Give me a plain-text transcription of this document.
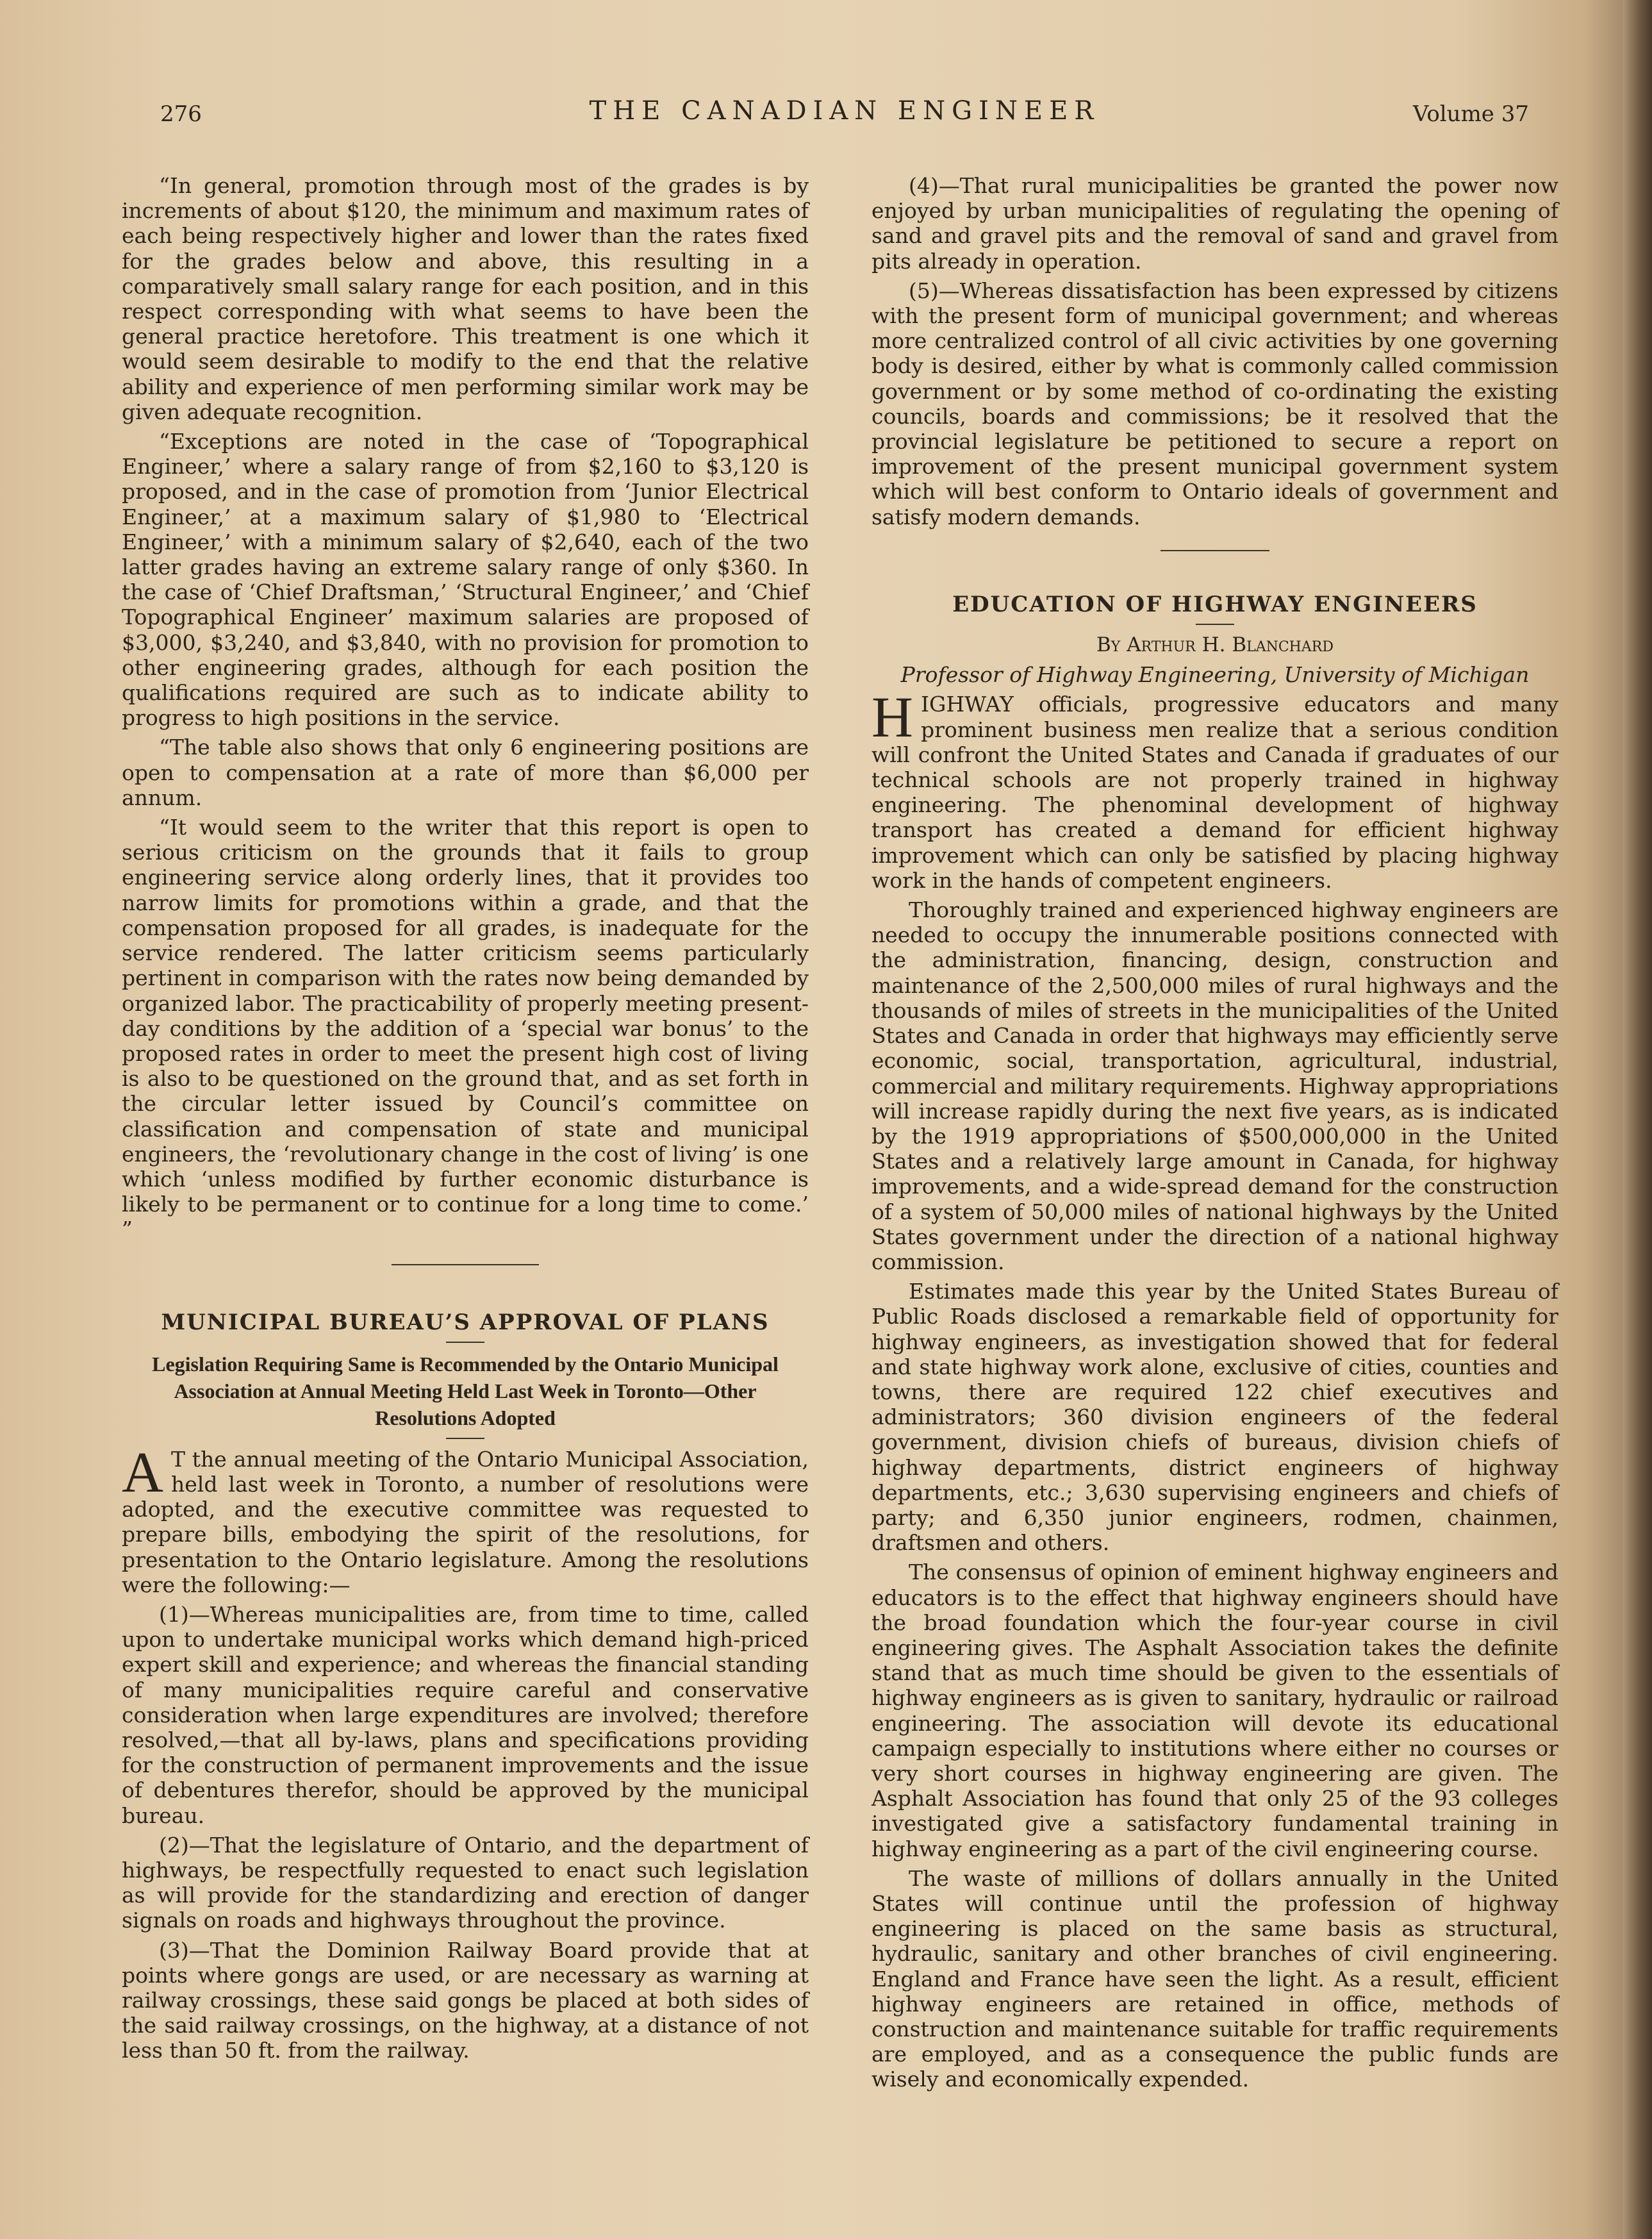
276	THE CANADIAN ENGINEER	Volume 37

“In general, promotion through most of the grades is by increments of about $120, the minimum and maximum rates of each being respectively higher and lower than the rates fixed for the grades below and above, this resulting in a comparatively small salary range for each position, and in this respect corresponding with what seems to have been the general practice heretofore. This treatment is one which it would seem desirable to modify to the end that the relative ability and experience of men performing similar work may be given adequate recognition.

“Exceptions are noted in the case of ‘Topographical Engineer,’ where a salary range of from $2,160 to $3,120 is proposed, and in the case of promotion from ‘Junior Electrical Engineer,’ at a maximum salary of $1,980 to ‘Electrical Engineer,’ with a minimum salary of $2,640, each of the two latter grades having an extreme salary range of only $360. In the case of ‘Chief Draftsman,’ ‘Structural Engineer,’ and ‘Chief Topographical Engineer’ maximum salaries are proposed of $3,000, $3,240, and $3,840, with no provision for promotion to other engineering grades, although for each position the qualifications required are such as to indicate ability to progress to high positions in the service.

“The table also shows that only 6 engineering positions are open to compensation at a rate of more than $6,000 per annum.

“It would seem to the writer that this report is open to serious criticism on the grounds that it fails to group engineering service along orderly lines, that it provides too narrow limits for promotions within a grade, and that the compensation proposed for all grades, is inadequate for the service rendered. The latter criticism seems particularly pertinent in comparison with the rates now being demanded by organized labor. The practicability of properly meeting present-day conditions by the addition of a ‘special war bonus’ to the proposed rates in order to meet the present high cost of living is also to be questioned on the ground that, and as set forth in the circular letter issued by Council’s committee on classification and compensation of state and municipal engineers, the ‘revolutionary change in the cost of living’ is one which ‘unless modified by further economic disturbance is likely to be permanent or to continue for a long time to come.’ ”

MUNICIPAL BUREAU’S APPROVAL OF PLANS

Legislation Requiring Same is Recommended by the Ontario Municipal Association at Annual Meeting Held Last Week in Toronto—Other Resolutions Adopted

A T the annual meeting of the Ontario Municipal Association, held last week in Toronto, a number of resolutions were adopted, and the executive committee was requested to prepare bills, embodying the spirit of the resolutions, for presentation to the Ontario legislature. Among the resolutions were the following:—

(1)—Whereas municipalities are, from time to time, called upon to undertake municipal works which demand high-priced expert skill and experience; and whereas the financial standing of many municipalities require careful and conservative consideration when large expenditures are involved; therefore resolved,—that all by-laws, plans and specifications providing for the construction of permanent improvements and the issue of debentures therefor, should be approved by the municipal bureau.

(2)—That the legislature of Ontario, and the department of highways, be respectfully requested to enact such legislation as will provide for the standardizing and erection of danger signals on roads and highways throughout the province.

(3)—That the Dominion Railway Board provide that at points where gongs are used, or are necessary as warning at railway crossings, these said gongs be placed at both sides of the said railway crossings, on the highway, at a distance of not less than 50 ft. from the railway.

(4)—That rural municipalities be granted the power now enjoyed by urban municipalities of regulating the opening of sand and gravel pits and the removal of sand and gravel from pits already in operation.

(5)—Whereas dissatisfaction has been expressed by citizens with the present form of municipal government; and whereas more centralized control of all civic activities by one governing body is desired, either by what is commonly called commission government or by some method of co-ordinating the existing councils, boards and commissions; be it resolved that the provincial legislature be petitioned to secure a report on improvement of the present municipal government system which will best conform to Ontario ideals of government and satisfy modern demands.

EDUCATION OF HIGHWAY ENGINEERS

By Arthur H. Blanchard

Professor of Highway Engineering, University of Michigan

HIGHWAY officials, progressive educators and many prominent business men realize that a serious condition will confront the United States and Canada if graduates of our technical schools are not properly trained in highway engineering. The phenominal development of highway transport has created a demand for efficient highway improvement which can only be satisfied by placing highway work in the hands of competent engineers.

Thoroughly trained and experienced highway engineers are needed to occupy the innumerable positions connected with the administration, financing, design, construction and maintenance of the 2,500,000 miles of rural highways and the thousands of miles of streets in the municipalities of the United States and Canada in order that highways may efficiently serve economic, social, transportation, agricultural, industrial, commercial and military requirements. Highway appropriations will increase rapidly during the next five years, as is indicated by the 1919 appropriations of $500,000,000 in the United States and a relatively large amount in Canada, for highway improvements, and a wide-spread demand for the construction of a system of 50,000 miles of national highways by the United States government under the direction of a national highway commission.

Estimates made this year by the United States Bureau of Public Roads disclosed a remarkable field of opportunity for highway engineers, as investigation showed that for federal and state highway work alone, exclusive of cities, counties and towns, there are required 122 chief executives and administrators; 360 division engineers of the federal government, division chiefs of bureaus, division chiefs of highway departments, district engineers of highway departments, etc.; 3,630 supervising engineers and chiefs of party; and 6,350 junior engineers, rodmen, chainmen, draftsmen and others.

The consensus of opinion of eminent highway engineers and educators is to the effect that highway engineers should have the broad foundation which the four-year course in civil engineering gives. The Asphalt Association takes the definite stand that as much time should be given to the essentials of highway engineers as is given to sanitary, hydraulic or railroad engineering. The association will devote its educational campaign especially to institutions where either no courses or very short courses in highway engineering are given. The Asphalt Association has found that only 25 of the 93 colleges investigated give a satisfactory fundamental training in highway engineering as a part of the civil engineering course.

The waste of millions of dollars annually in the United States will continue until the profession of highway engineering is placed on the same basis as structural, hydraulic, sanitary and other branches of civil engineering. England and France have seen the light. As a result, efficient highway engineers are retained in office, methods of construction and maintenance suitable for traffic requirements are employed, and as a consequence the public funds are wisely and economically expended.
